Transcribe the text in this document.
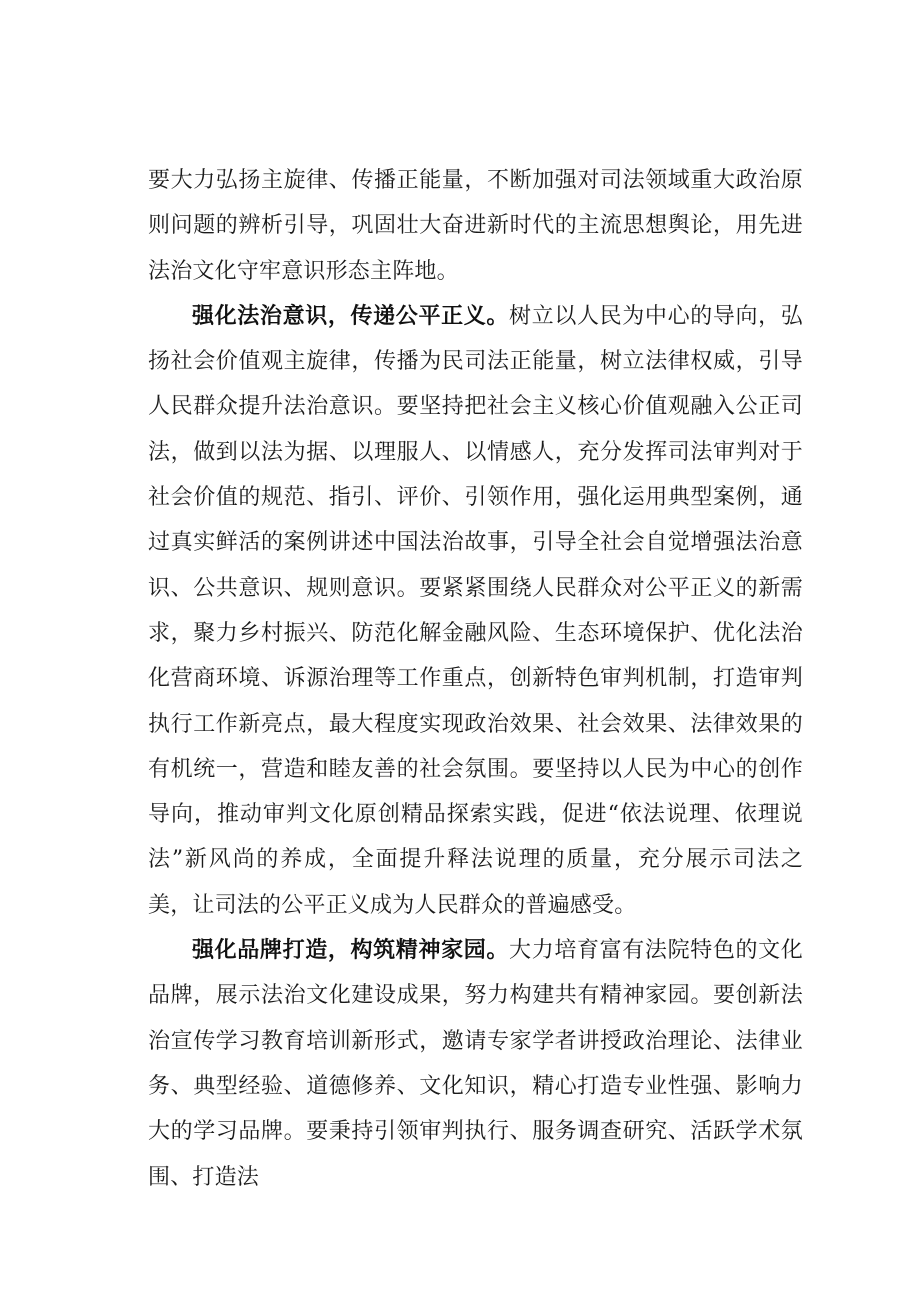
要大力弘扬主旋律、传播正能量，不断加强对司法领域重大政治原则问题的辨析引导，巩固壮大奋进新时代的主流思想舆论，用先进法治文化守牢意识形态主阵地。

强化法治意识，传递公平正义。树立以人民为中心的导向，弘扬社会价值观主旋律，传播为民司法正能量，树立法律权威，引导人民群众提升法治意识。要坚持把社会主义核心价值观融入公正司法，做到以法为据、以理服人、以情感人，充分发挥司法审判对于社会价值的规范、指引、评价、引领作用，强化运用典型案例，通过真实鲜活的案例讲述中国法治故事，引导全社会自觉增强法治意识、公共意识、规则意识。要紧紧围绕人民群众对公平正义的新需求，聚力乡村振兴、防范化解金融风险、生态环境保护、优化法治化营商环境、诉源治理等工作重点，创新特色审判机制，打造审判执行工作新亮点，最大程度实现政治效果、社会效果、法律效果的有机统一，营造和睦友善的社会氛围。要坚持以人民为中心的创作导向，推动审判文化原创精品探索实践，促进“依法说理、依理说法”新风尚的养成，全面提升释法说理的质量，充分展示司法之美，让司法的公平正义成为人民群众的普遍感受。

强化品牌打造，构筑精神家园。大力培育富有法院特色的文化品牌，展示法治文化建设成果，努力构建共有精神家园。要创新法治宣传学习教育培训新形式，邀请专家学者讲授政治理论、法律业务、典型经验、道德修养、文化知识，精心打造专业性强、影响力大的学习品牌。要秉持引领审判执行、服务调查研究、活跃学术氛围、打造法
